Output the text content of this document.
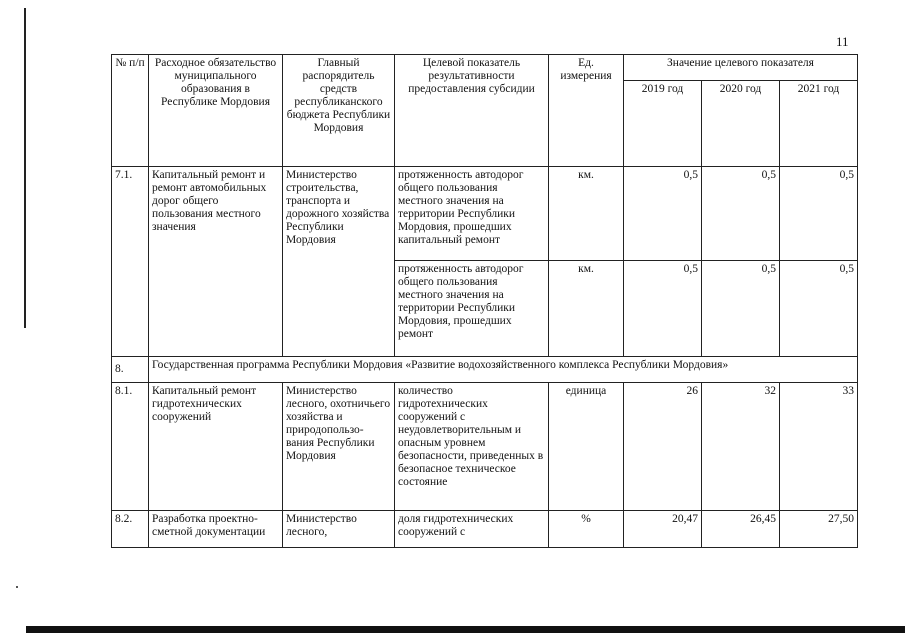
11
№ п/п	Расходное обязательство муниципального образования в Республике Мордовия	Главный распорядитель средств республиканского бюджета Республики Мордовия	Целевой показатель результативности предоставления субсидии	Ед. измерения	Значение целевого показателя		
					2019 год	2020 год	2021 год
7.1.	Капитальный ремонт и ремонт автомобильных дорог общего пользования местного значения	Министерство строительства, транспорта и дорожного хозяйства Республики Мордовия	протяженность автодорог общего пользования местного значения на территории Республики Мордовия, прошедших капитальный ремонт	км.	0,5	0,5	0,5
			протяженность автодорог общего пользования местного значения на территории Республики Мордовия, прошедших ремонт	км.	0,5	0,5	0,5
8.	Государственная программа Республики Мордовия «Развитие водохозяйственного комплекса Республики Мордовия»						
8.1.	Капитальный ремонт гидротехнических сооружений	Министерство лесного, охотничьего хозяйства и природопользо-вания Республики Мордовия	количество гидротехнических сооружений с неудовлетворительным и опасным уровнем безопасности, приведенных в безопасное техническое состояние	единица	26	32	33
8.2.	Разработка проектно-сметной документации	Министерство лесного,	доля гидротехнических сооружений с	%	20,47	26,45	27,50
